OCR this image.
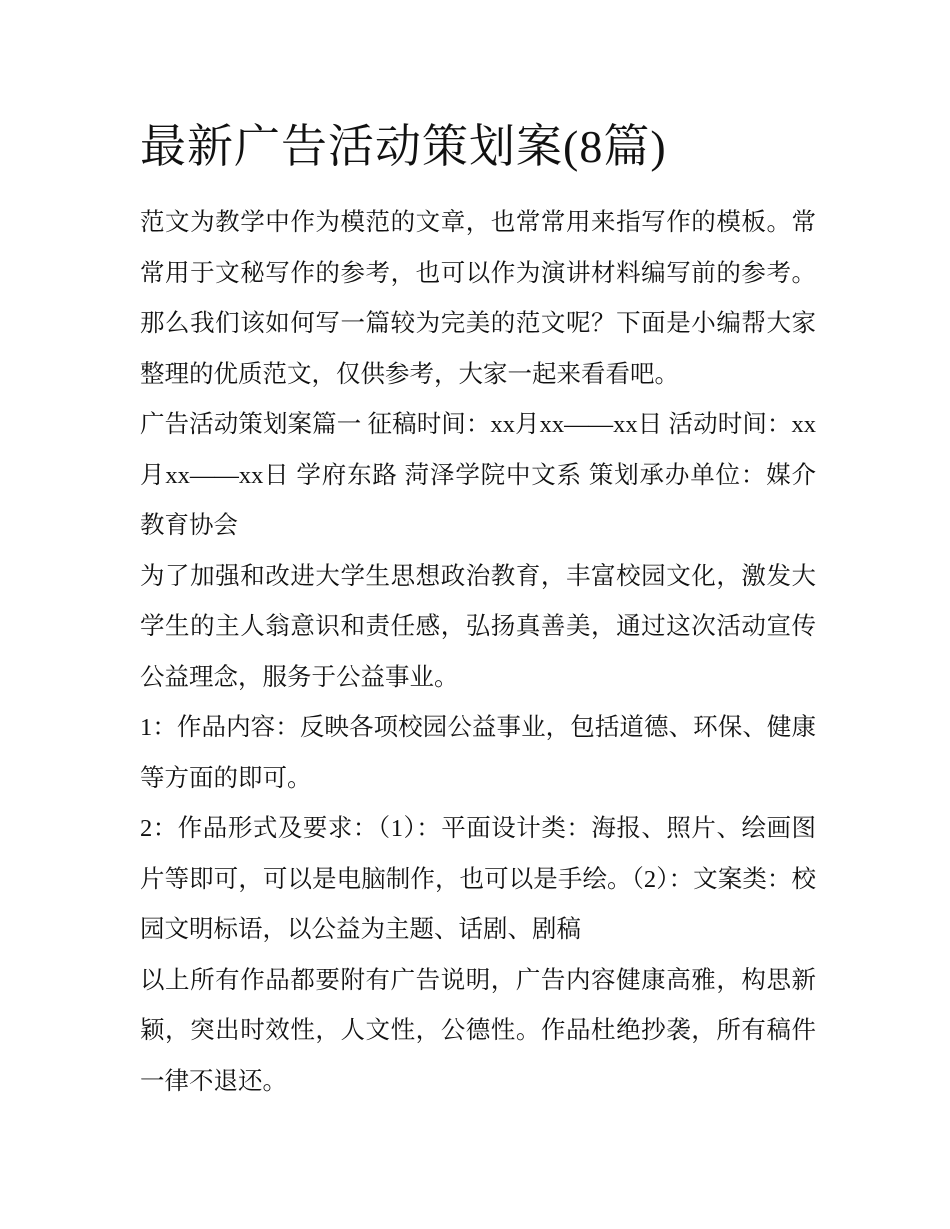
最新广告活动策划案(8篇)

范文为教学中作为模范的文章，也常常用来指写作的模板。常常用于文秘写作的参考，也可以作为演讲材料编写前的参考。那么我们该如何写一篇较为完美的范文呢？下面是小编帮大家整理的优质范文，仅供参考，大家一起来看看吧。

广告活动策划案篇一 征稿时间：xx月xx——xx日 活动时间：xx月xx——xx日 学府东路 菏泽学院中文系 策划承办单位：媒介教育协会

为了加强和改进大学生思想政治教育，丰富校园文化，激发大学生的主人翁意识和责任感，弘扬真善美，通过这次活动宣传公益理念，服务于公益事业。

1：作品内容：反映各项校园公益事业，包括道德、环保、健康等方面的即可。

2：作品形式及要求：（1）：平面设计类：海报、照片、绘画图片等即可，可以是电脑制作，也可以是手绘。（2）：文案类：校园文明标语，以公益为主题、话剧、剧稿

以上所有作品都要附有广告说明，广告内容健康高雅，构思新颖，突出时效性，人文性，公德性。作品杜绝抄袭，所有稿件一律不退还。
